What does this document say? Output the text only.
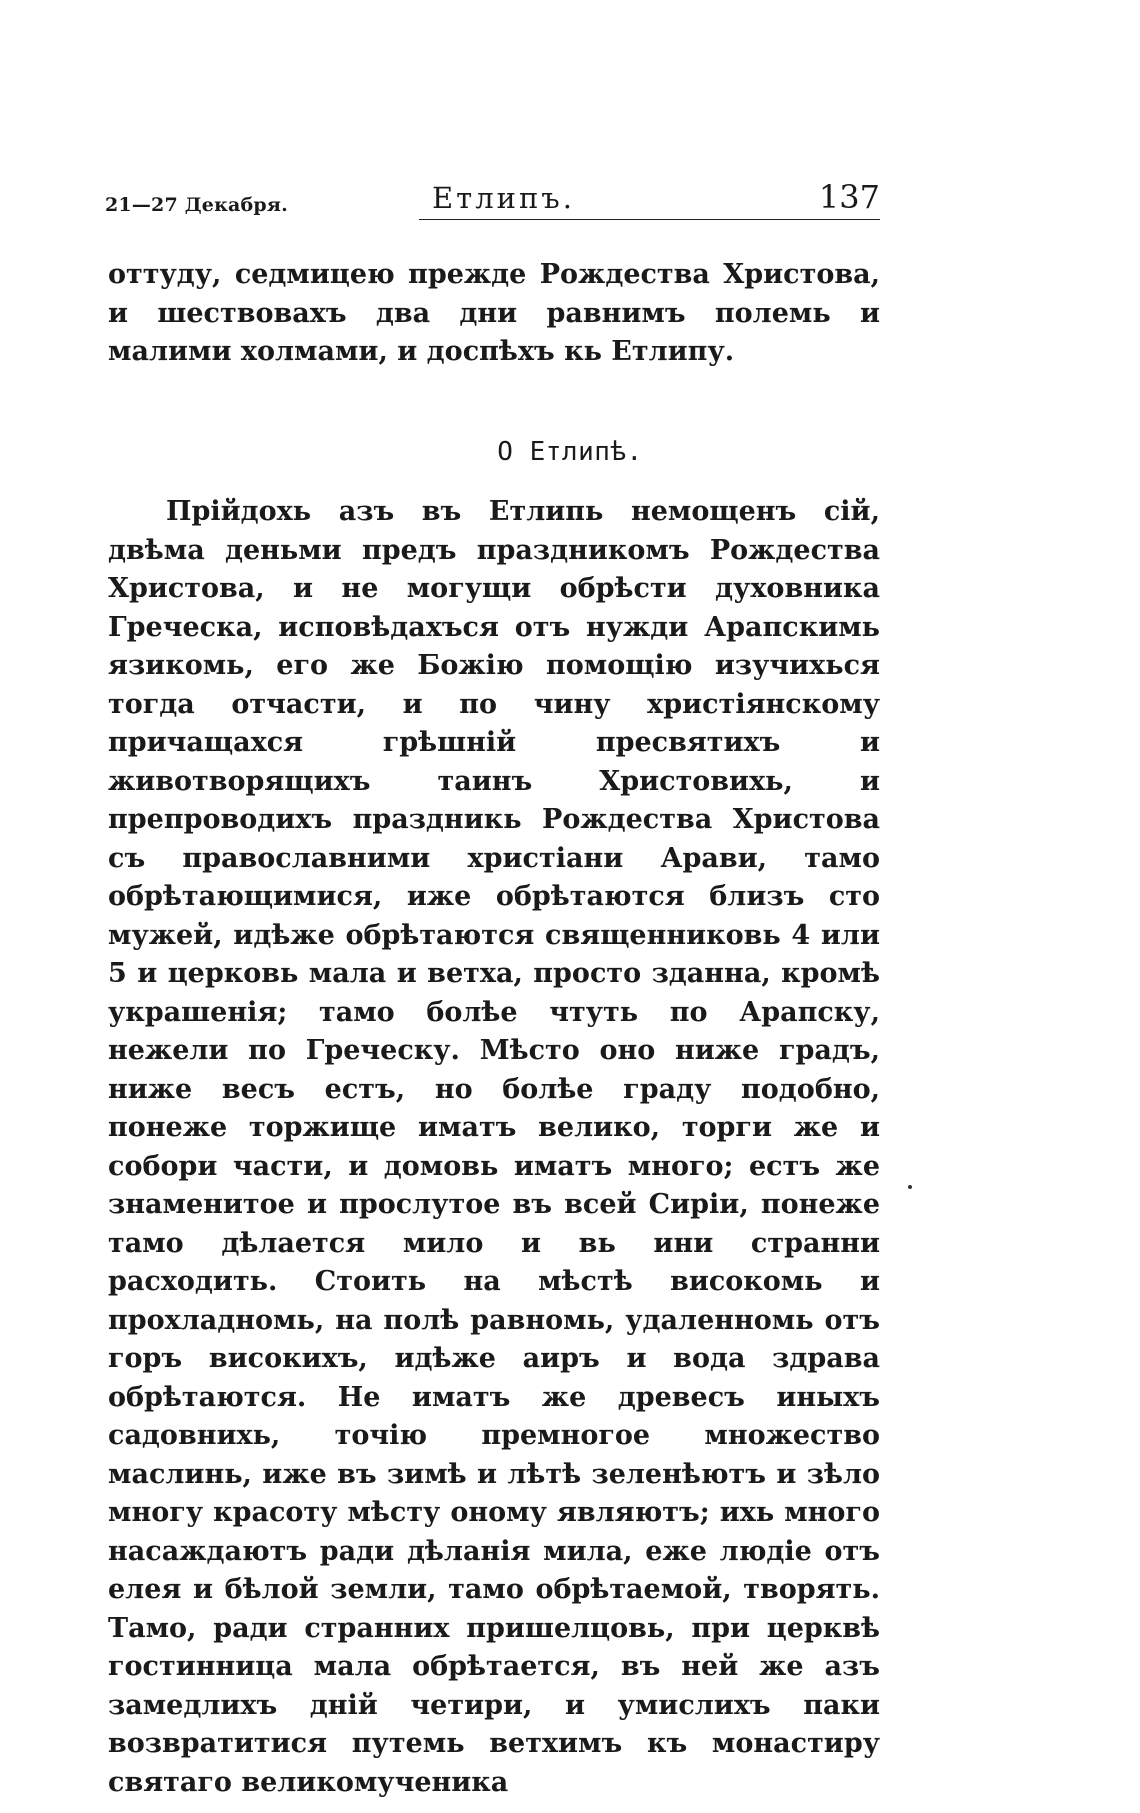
21—27 Декабря.	Етлипъ.	137

оттуду, седмицею прежде Рождества Христова, и шествовахъ два дни равнимъ полемь и малими холмами, и доспѣхъ кь Етлипу.

О Етлипѣ.

Прійдохь азъ въ Етлипь немощенъ сій, двѣма деньми предъ праздникомъ Рождества Христова, и не могущи обрѣсти духовника Греческа, исповѣдахъся отъ нужди Арапскимь язикомь, его же Божію помощію изучихься тогда отчасти, и по чину христіянскому причащахся грѣшній пресвятихъ и животворящихъ таинъ Христовихь, и препроводихъ праздникь Рождества Христова съ православними христіани Арави, тамо обрѣтающимися, иже обрѣтаются близъ сто мужей, идѣже обрѣтаются священниковь 4 или 5 и церковь мала и ветха, просто зданна, кромѣ украшенія; тамо болѣе чтуть по Арапску, нежели по Греческу. Мѣсто оно ниже градъ, ниже весъ естъ, но болѣе граду подобно, понеже торжище иматъ велико, торги же и собори части, и домовь иматъ много; естъ же знаменитое и прослутое въ всей Сиріи, понеже тамо дѣлается мило и вь ини странни расходить. Стоить на мѣстѣ високомь и прохладномь, на полѣ равномь, удаленномь отъ горъ високихъ, идѣже аиръ и вода здрава обрѣтаются. Не иматъ же древесъ иныхъ садовнихь, точію премногое множество маслинь, иже въ зимѣ и лѣтѣ зеленѣютъ и зѣло многу красоту мѣсту оному являютъ; ихь много насаждаютъ ради дѣланія мила, еже людіе отъ елея и бѣлой земли, тамо обрѣтаемой, творять. Тамо, ради странних пришелцовь, при церквѣ гостинница мала обрѣтается, въ ней же азъ замедлихъ дній четири, и умислихъ паки возвратитися путемь ветхимъ къ монастиру святаго великомученика
